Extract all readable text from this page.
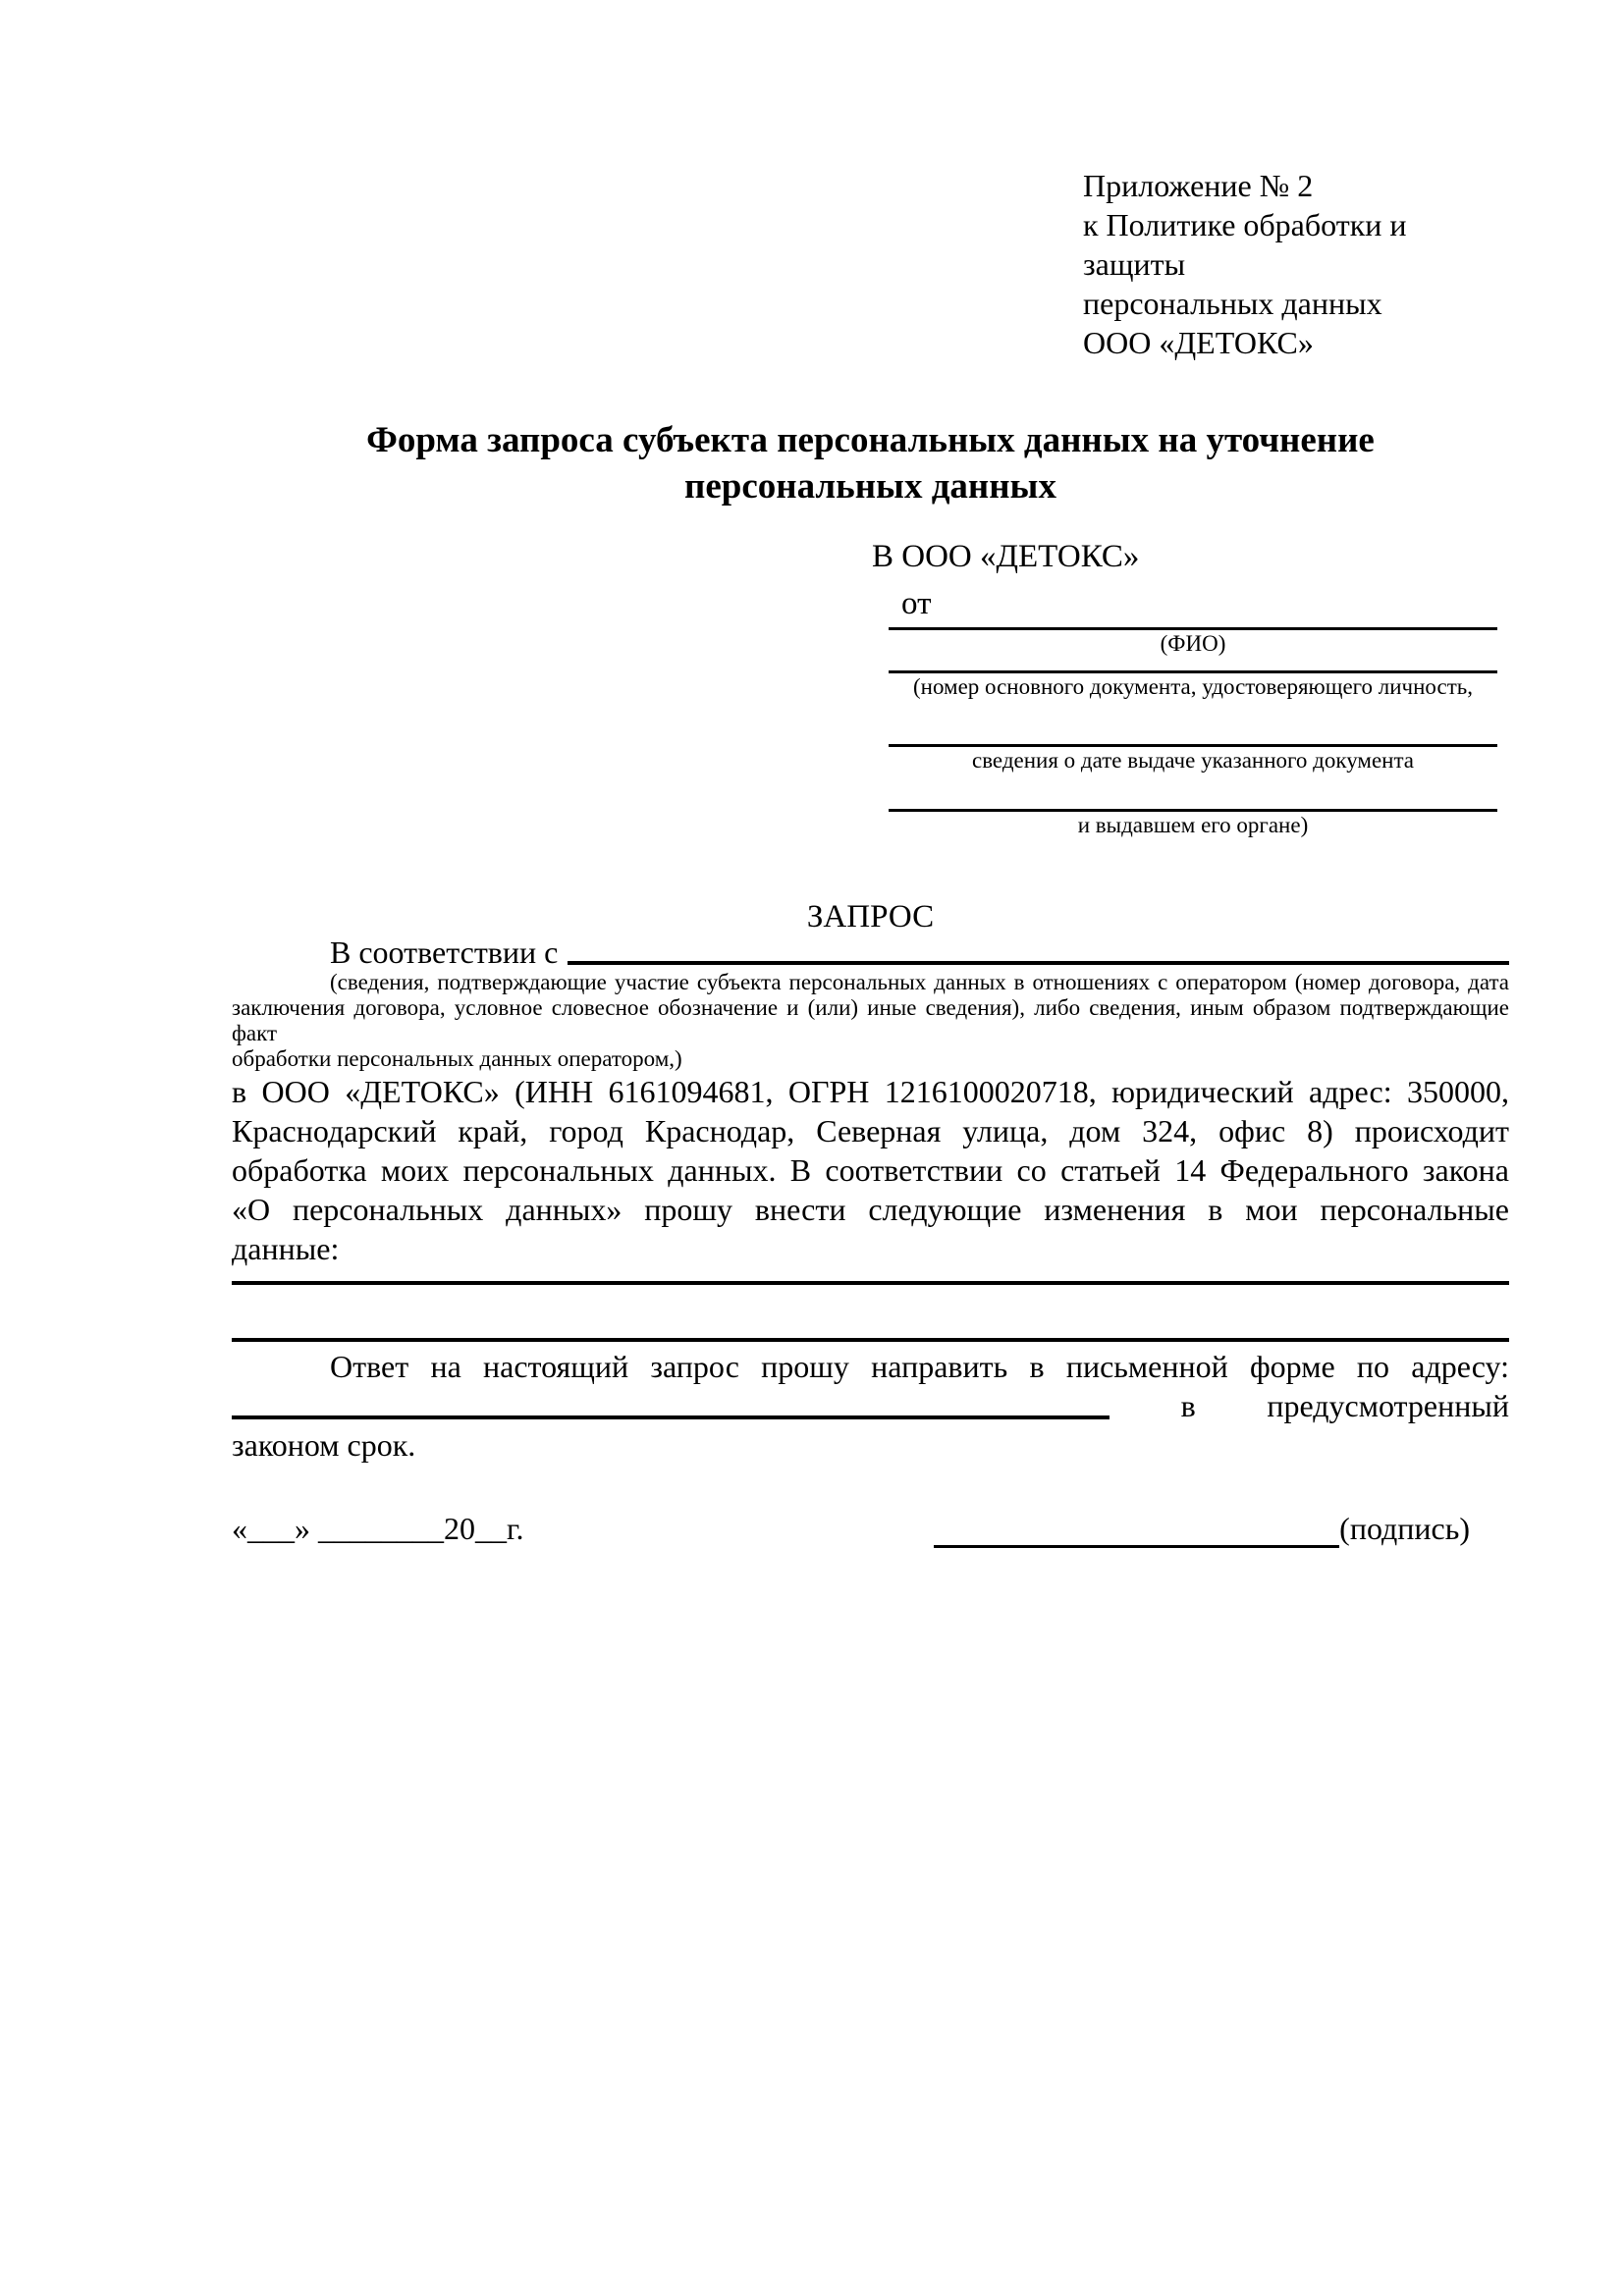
Приложение № 2
к Политике обработки и защиты
персональных данных
ООО «ДЕТОКС»
Форма запроса субъекта персональных данных на уточнение
персональных данных
В ООО «ДЕТОКС»
от
(ФИО)
(номер основного документа, удостоверяющего личность,
сведения о дате выдаче указанного документа
и выдавшем его органе)
ЗАПРОС
В соответствии с
(сведения, подтверждающие участие субъекта персональных данных в отношениях с оператором (номер договора, дата
заключения договора, условное словесное обозначение и (или) иные сведения), либо сведения, иным образом подтверждающие факт
обработки персональных данных оператором,)
в ООО «ДЕТОКС» (ИНН 6161094681, ОГРН 1216100020718, юридический адрес: 350000,
Краснодарский край, город Краснодар, Северная улица, дом 324, офис 8) происходит
обработка моих персональных данных. В соответствии со статьей 14 Федерального закона
«О персональных данных» прошу внести следующие изменения в мои персональные
данные:
Ответ на настоящий запрос прошу направить в письменной форме по адресу:
в предусмотренный
законом срок.
«___» ________20__г.	(подпись)
